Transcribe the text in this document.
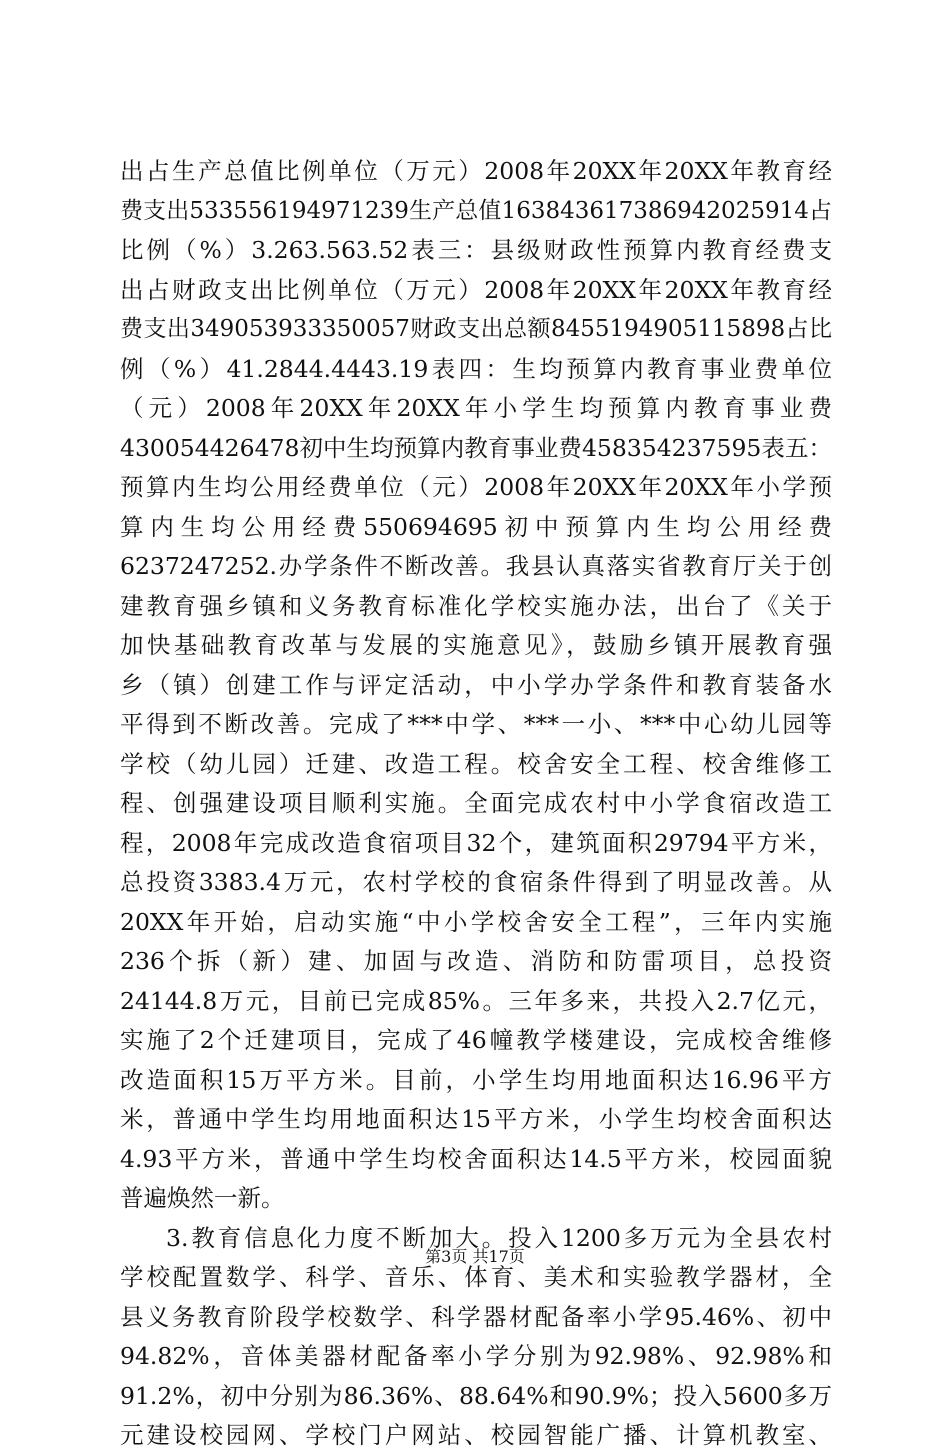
出占生产总值比例单位（万元）2008年20XX年20XX年教育经
费支出533556194971239生产总值163843617386942025914占
比例（%）3.263.563.52表三：县级财政性预算内教育经费支
出占财政支出比例单位（万元）2008年20XX年20XX年教育经
费支出349053933350057财政支出总额8455194905115898占比
例（%）41.2844.4443.19表四：生均预算内教育事业费单位
（元）2008年20XX年20XX年小学生均预算内教育事业费
430054426478初中生均预算内教育事业费458354237595表五：
预算内生均公用经费单位（元）2008年20XX年20XX年小学预
算内生均公用经费550694695初中预算内生均公用经费
6237247252.办学条件不断改善。我县认真落实省教育厅关于创
建教育强乡镇和义务教育标准化学校实施办法，出台了《关于
加快基础教育改革与发展的实施意见》，鼓励乡镇开展教育强
乡（镇）创建工作与评定活动，中小学办学条件和教育装备水
平得到不断改善。完成了***中学、***一小、***中心幼儿园等
学校（幼儿园）迁建、改造工程。校舍安全工程、校舍维修工
程、创强建设项目顺利实施。全面完成农村中小学食宿改造工
程，2008年完成改造食宿项目32个，建筑面积29794平方米，
总投资3383.4万元，农村学校的食宿条件得到了明显改善。从
20XX年开始，启动实施“中小学校舍安全工程”，三年内实施
236个拆（新）建、加固与改造、消防和防雷项目，总投资
24144.8万元，目前已完成85%。三年多来，共投入2.7亿元，
实施了2个迁建项目，完成了46幢教学楼建设，完成校舍维修
改造面积15万平方米。目前，小学生均用地面积达16.96平方
米，普通中学生均用地面积达15平方米，小学生均校舍面积达
4.93平方米，普通中学生均校舍面积达14.5平方米，校园面貌
普遍焕然一新。
3.教育信息化力度不断加大。投入1200多万元为全县农村
学校配置数学、科学、音乐、体育、美术和实验教学器材，全
县义务教育阶段学校数学、科学器材配备率小学95.46%、初中
94.82%，音体美器材配备率小学分别为92.98%、92.98%和
91.2%，初中分别为86.36%、88.64%和90.9%；投入5600多万
元建设校园网、学校门户网站、校园智能广播、计算机教室、
第3页 共17页
